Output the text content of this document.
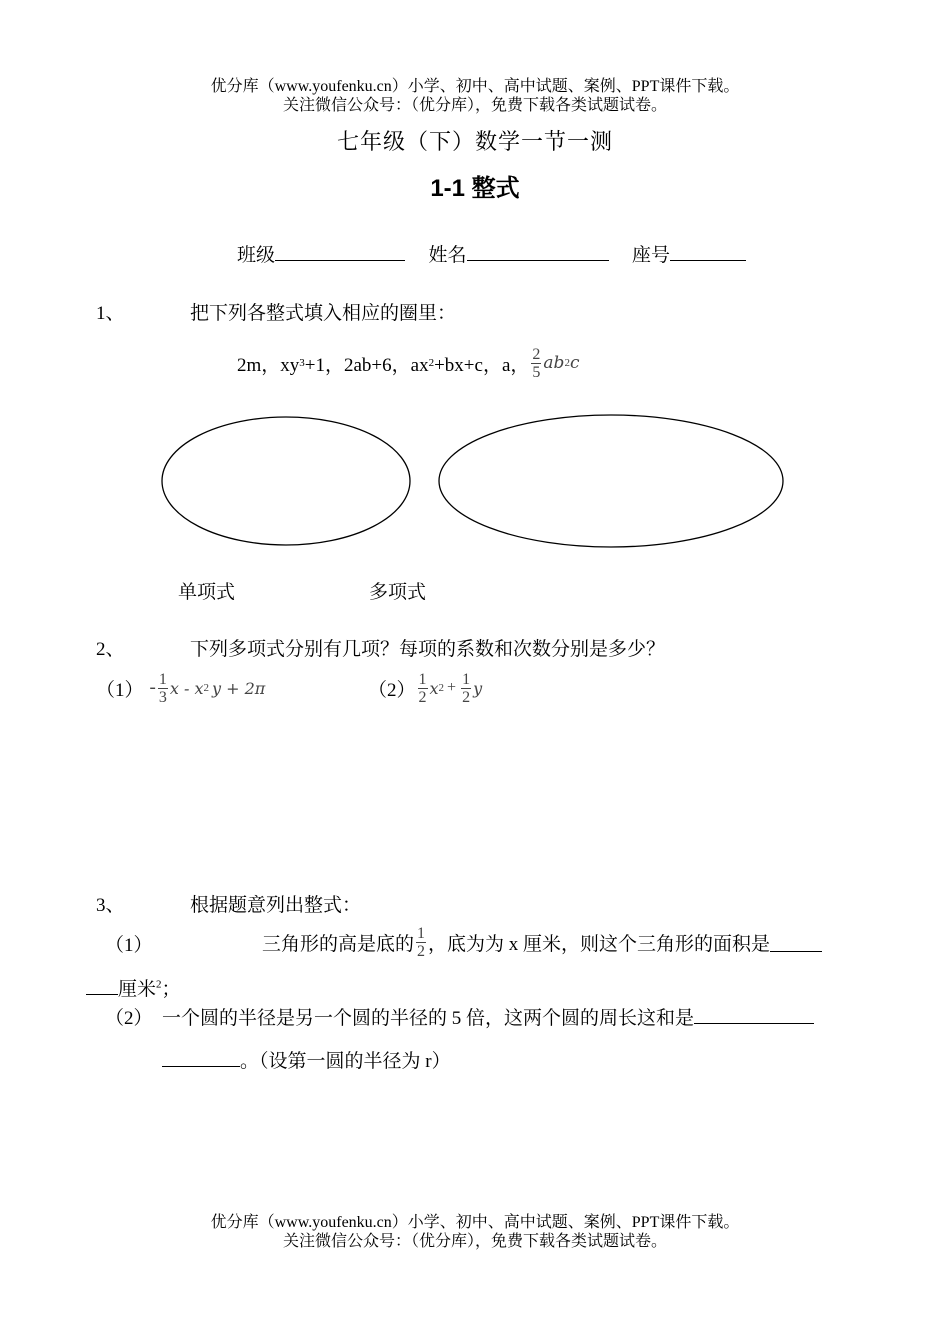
优分库（www.youfenku.cn）小学、初中、高中试题、案例、PPT课件下载。
关注微信公众号：（优分库），免费下载各类试题试卷。
七年级（下）数学一节一测
1-1 整式
班级	姓名	座号
1、	把下列各整式填入相应的圈里：
2m，xy 3 +1，2ab+6，ax 2 +bx+c，a， $\frac{2}{5}$ ab 2 c
单项式	多项式
2、	下列多项式分别有几项？每项的系数和次数分别是多少？
$(1) - \frac{1}{3}$ x - x 2 y + 2π	$(2) \frac{1}{2}$ x $2 + \frac{1}{2}$ y
3、	根据题意列出整式：
（1）	三角形的高是底的 $\frac{1}{2}$ ，底为为 x 厘米，则这个三角形的面积是
厘米$^2$；
（2） 一个圆的半径是另一个圆的半径的 5 倍，这两个圆的周长这和是
。（设第一圆的半径为 r）
优分库（www.youfenku.cn）小学、初中、高中试题、案例、PPT课件下载。
关注微信公众号：（优分库），免费下载各类试题试卷。
